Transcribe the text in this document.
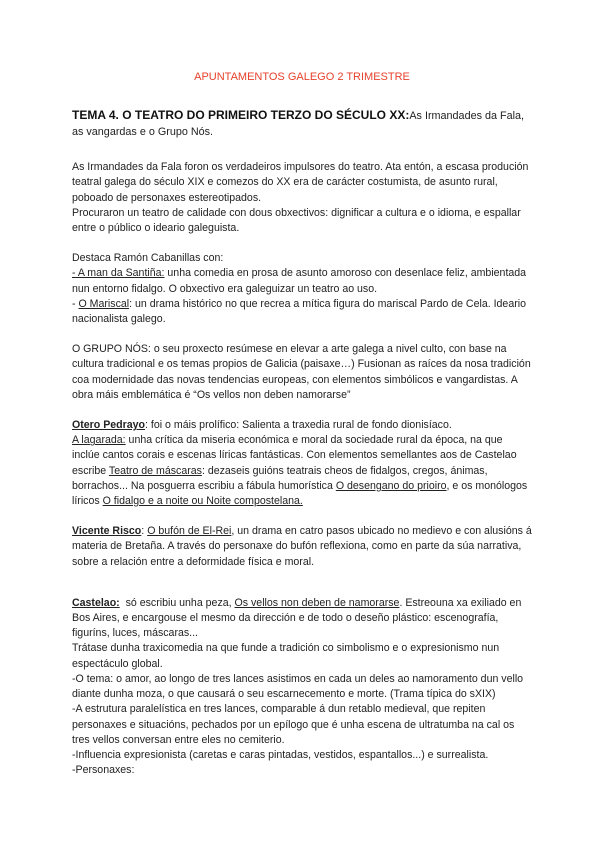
APUNTAMENTOS GALEGO 2 TRIMESTRE

TEMA 4. O TEATRO DO PRIMEIRO TERZO DO SÉCULO XX:As Irmandades da Fala, as vangardas e o Grupo Nós.

As Irmandades da Fala foron os verdadeiros impulsores do teatro. Ata entón, a escasa produción teatral galega do século XIX e comezos do XX era de carácter costumista, de asunto rural, poboado de personaxes estereotipados.

Procuraron un teatro de calidade con dous obxectivos: dignificar a cultura e o idioma, e espallar entre o público o ideario galeguista.

Destaca Ramón Cabanillas con:

- A man da Santiña: unha comedia en prosa de asunto amoroso con desenlace feliz, ambientada nun entorno fidalgo. O obxectivo era galeguizar un teatro ao uso.

- O Mariscal: un drama histórico no que recrea a mítica figura do mariscal Pardo de Cela. Ideario nacionalista galego.

O GRUPO NÓS: o seu proxecto resúmese en elevar a arte galega a nivel culto, con base na cultura tradicional e os temas propios de Galicia (paisaxe…) Fusionan as raíces da nosa tradición coa modernidade das novas tendencias europeas, con elementos simbólicos e vangardistas. A obra máis emblemática é “Os vellos non deben namorarse”

Otero Pedrayo: foi o máis prolífico: Salienta a traxedia rural de fondo dionisíaco.
A lagarada: unha crítica da miseria económica e moral da sociedade rural da época, na que inclúe cantos corais e escenas líricas fantásticas. Con elementos semellantes aos de Castelao escribe Teatro de máscaras: dezaseis guións teatrais cheos de fidalgos, cregos, ánimas, borrachos... Na posguerra escribiu a fábula humorística O desengano do prioiro, e os monólogos líricos O fidalgo e a noite ou Noite compostelana.

Vicente Risco: O bufón de El-Rei, un drama en catro pasos ubicado no medievo e con alusións á materia de Bretaña. A través do personaxe do bufón reflexiona, como en parte da súa narrativa, sobre a relación entre a deformidade física e moral.

Castelao:  só escribiu unha peza, Os vellos non deben de namorarse. Estreouna xa exiliado en Bos Aires, e encargouse el mesmo da dirección e de todo o deseño plástico: escenografía, figuríns, luces, máscaras...

Trátase dunha traxicomedia na que funde a tradición co simbolismo e o expresionismo nun espectáculo global.

-O tema: o amor, ao longo de tres lances asistimos en cada un deles ao namoramento dun vello diante dunha moza, o que causará o seu escarnecemento e morte. (Trama típica do sXIX)

-A estrutura paralelística en tres lances, comparable á dun retablo medieval, que repiten personaxes e situacións, pechados por un epílogo que é unha escena de ultratumba na cal os tres vellos conversan entre eles no cemiterio.

-Influencia expresionista (caretas e caras pintadas, vestidos, espantallos...) e surrealista.

-Personaxes:
